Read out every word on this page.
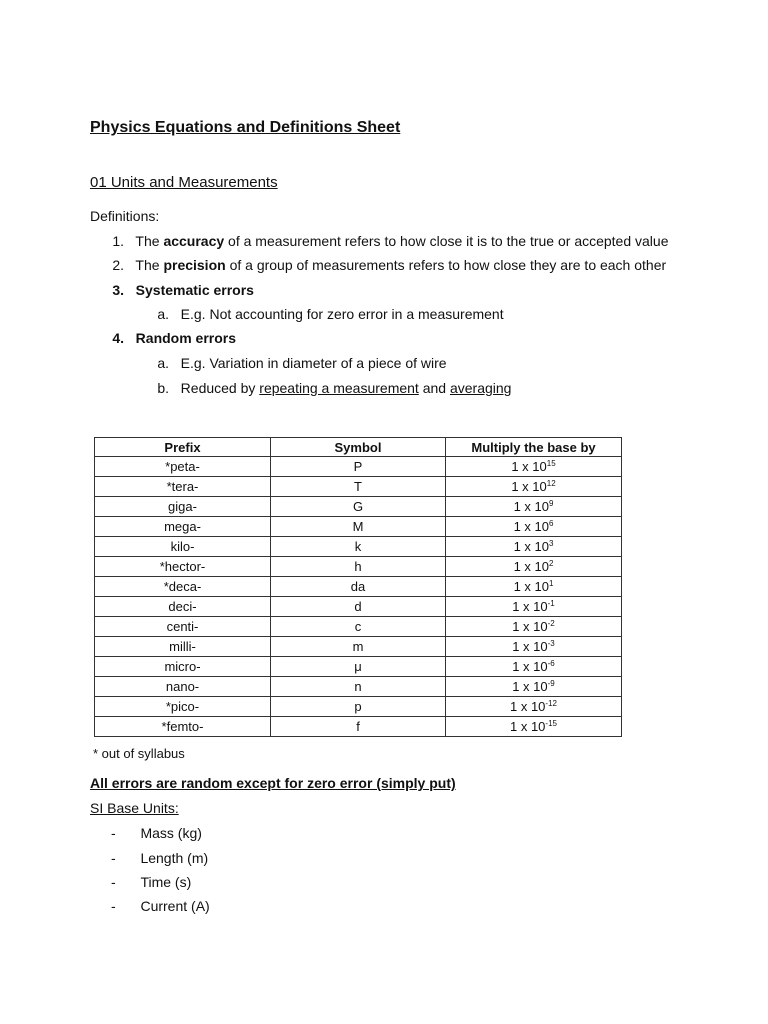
Physics Equations and Definitions Sheet
01 Units and Measurements
Definitions:
1. The accuracy of a measurement refers to how close it is to the true or accepted value
2. The precision of a group of measurements refers to how close they are to each other
3. Systematic errors
a. E.g. Not accounting for zero error in a measurement
4. Random errors
a. E.g. Variation in diameter of a piece of wire
b. Reduced by repeating a measurement and averaging
Prefix	Symbol	Multiply the base by
*peta-	P	1 x $10^{15}$
*tera-	T	1 x $10^{12}$
giga-	G	1 x $10^9$
mega-	M	1 x $10^6$
kilo-	k	1 x $10^3$
*hector-	h	1 x $10^2$
*deca-	da	1 x $10^1$
deci-	d	1 x $10^{-1}$
centi-	c	1 x $10^{-2}$
milli-	m	1 x $10^{-3}$
micro-	μ	1 x $10^{-6}$
nano-	n	1 x $10^{-9}$
*pico-	p	1 x $10^{-12}$
*femto-	f	1 x $10^{-15}$
* out of syllabus
All errors are random except for zero error (simply put)
SI Base Units:
- Mass (kg)
- Length (m)
- Time (s)
- Current (A)
